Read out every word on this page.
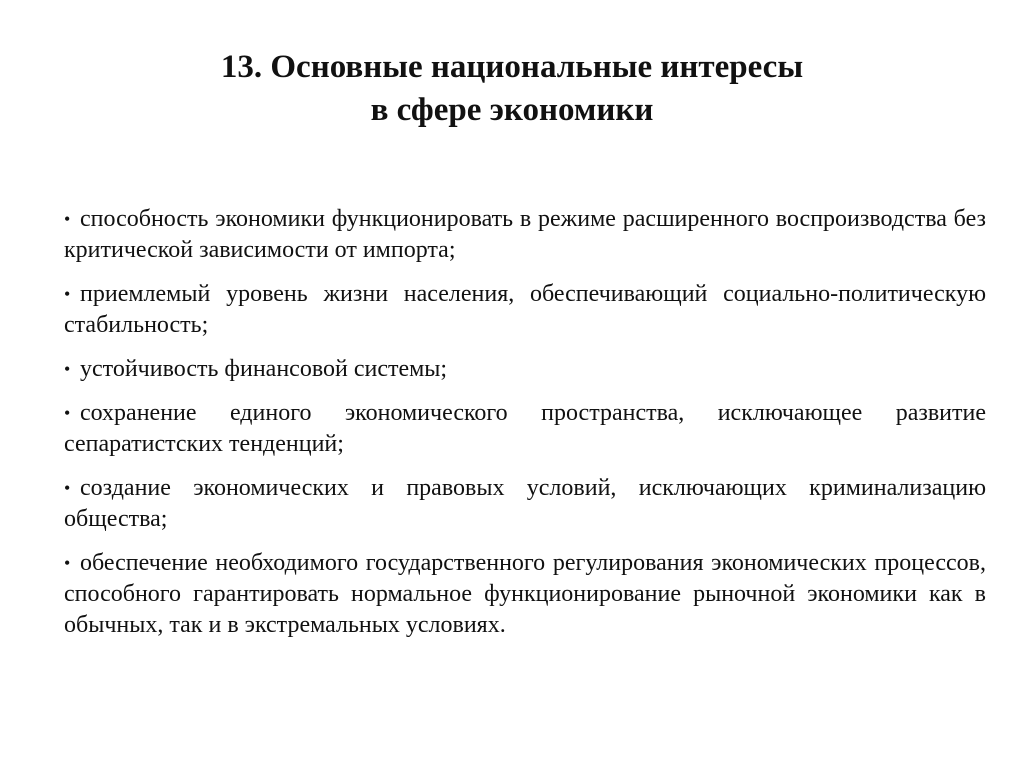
13. Основные национальные интересы
в сфере экономики
• способность экономики функционировать в режиме расширенного воспроизводства без критической зависимости от импорта;
• приемлемый уровень жизни населения, обеспечивающий социально-политическую стабильность;
• устойчивость финансовой системы;
• сохранение единого экономического пространства, исключающее развитие сепаратистских тенденций;
• создание экономических и правовых условий, исключающих криминализацию общества;
• обеспечение необходимого государственного регулирования экономических процессов, способного гарантировать нормальное функционирование рыночной экономики как в обычных, так и в экстремальных условиях.
